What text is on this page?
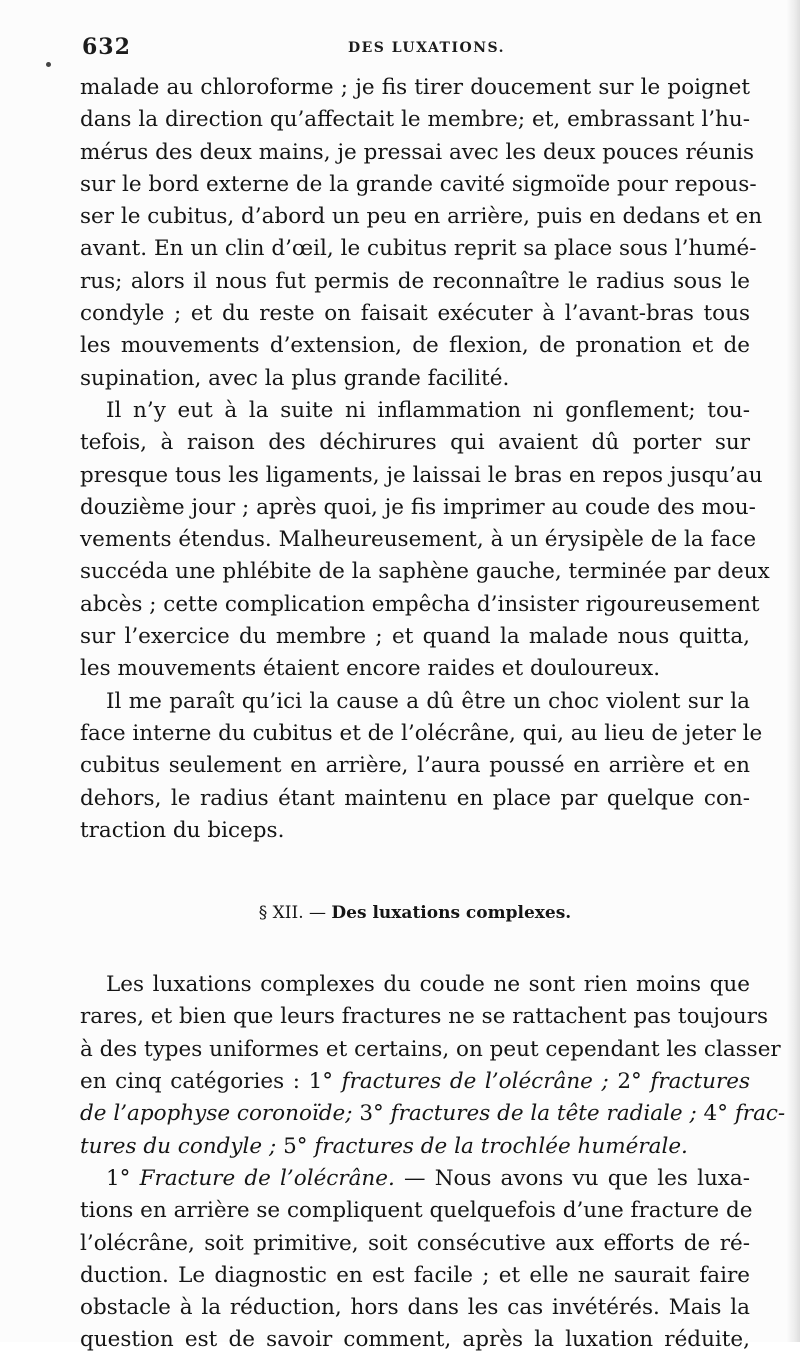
632	DES LUXATIONS.
malade au chloroforme ; je fis tirer doucement sur le poignet
dans la direction qu’affectait le membre; et, embrassant l’hu-
mérus des deux mains, je pressai avec les deux pouces réunis
sur le bord externe de la grande cavité sigmoïde pour repous-
ser le cubitus, d’abord un peu en arrière, puis en dedans et en
avant. En un clin d’œil, le cubitus reprit sa place sous l’humé-
rus; alors il nous fut permis de reconnaître le radius sous le
condyle ; et du reste on faisait exécuter à l’avant-bras tous
les mouvements d’extension, de flexion, de pronation et de
supination, avec la plus grande facilité.
Il n’y eut à la suite ni inflammation ni gonflement; tou-
tefois, à raison des déchirures qui avaient dû porter sur
presque tous les ligaments, je laissai le bras en repos jusqu’au
douzième jour ; après quoi, je fis imprimer au coude des mou-
vements étendus. Malheureusement, à un érysipèle de la face
succéda une phlébite de la saphène gauche, terminée par deux
abcès ; cette complication empêcha d’insister rigoureusement
sur l’exercice du membre ; et quand la malade nous quitta,
les mouvements étaient encore raides et douloureux.
Il me paraît qu’ici la cause a dû être un choc violent sur la
face interne du cubitus et de l’olécrâne, qui, au lieu de jeter le
cubitus seulement en arrière, l’aura poussé en arrière et en
dehors, le radius étant maintenu en place par quelque con-
traction du biceps.
§ XII. — Des luxations complexes.
Les luxations complexes du coude ne sont rien moins que
rares, et bien que leurs fractures ne se rattachent pas toujours
à des types uniformes et certains, on peut cependant les classer
en cinq catégories : 1° fractures de l’olécrâne ; 2° fractures
de l’apophyse coronoïde; 3° fractures de la tête radiale ; 4° frac-
tures du condyle ; 5° fractures de la trochlée humérale.
1° Fracture de l’olécrâne. — Nous avons vu que les luxa-
tions en arrière se compliquent quelquefois d’une fracture de
l’olécrâne, soit primitive, soit consécutive aux efforts de ré-
duction. Le diagnostic en est facile ; et elle ne saurait faire
obstacle à la réduction, hors dans les cas invétérés. Mais la
question est de savoir comment, après la luxation réduite,
